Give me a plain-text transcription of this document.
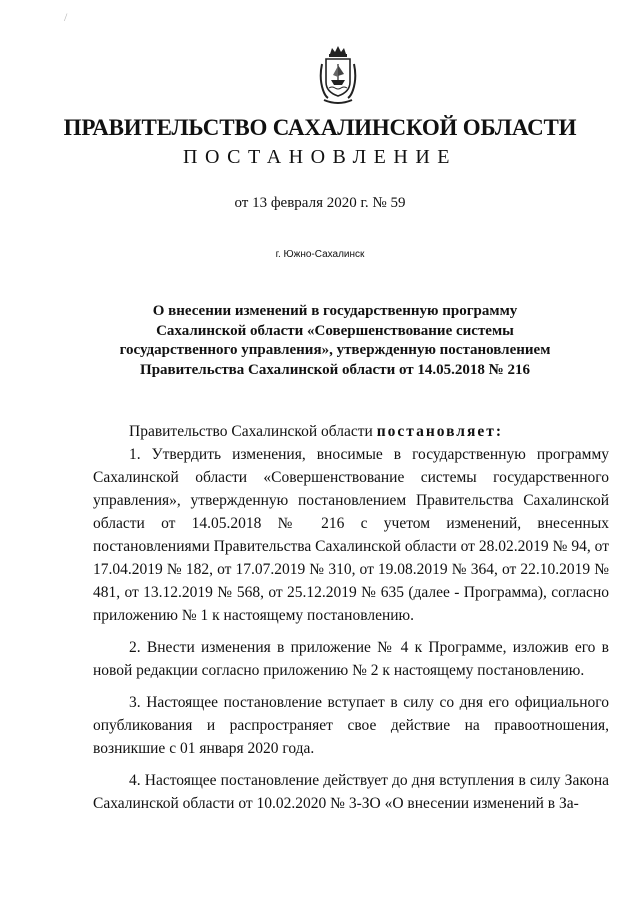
/
ПРАВИТЕЛЬСТВО САХАЛИНСКОЙ ОБЛАСТИ
ПОСТАНОВЛЕНИЕ
от 13 февраля 2020 г. № 59
г. Южно-Сахалинск
О внесении изменений в государственную программу
Сахалинской области «Совершенствование системы
государственного управления», утвержденную постановлением
Правительства Сахалинской области от 14.05.2018 № 216

Правительство Сахалинской области постановляет:

1. Утвердить изменения, вносимые в государственную программу Сахалинской области «Совершенствование системы государственного управления», утвержденную постановлением Правительства Сахалинской области от 14.05.2018 № 216 с учетом изменений, внесенных постановлениями Правительства Сахалинской области от 28.02.2019 № 94, от 17.04.2019 № 182, от 17.07.2019 № 310, от 19.08.2019 № 364, от 22.10.2019 № 481, от 13.12.2019 № 568, от 25.12.2019 № 635 (далее - Программа), согласно приложению № 1 к настоящему постановлению.

2. Внести изменения в приложение № 4 к Программе, изложив его в новой редакции согласно приложению № 2 к настоящему постановлению.

3. Настоящее постановление вступает в силу со дня его официального опубликования и распространяет свое действие на правоотношения, возникшие с 01 января 2020 года.

4. Настоящее постановление действует до дня вступления в силу Закона Сахалинской области от 10.02.2020 № 3-ЗО «О внесении изменений в За-
